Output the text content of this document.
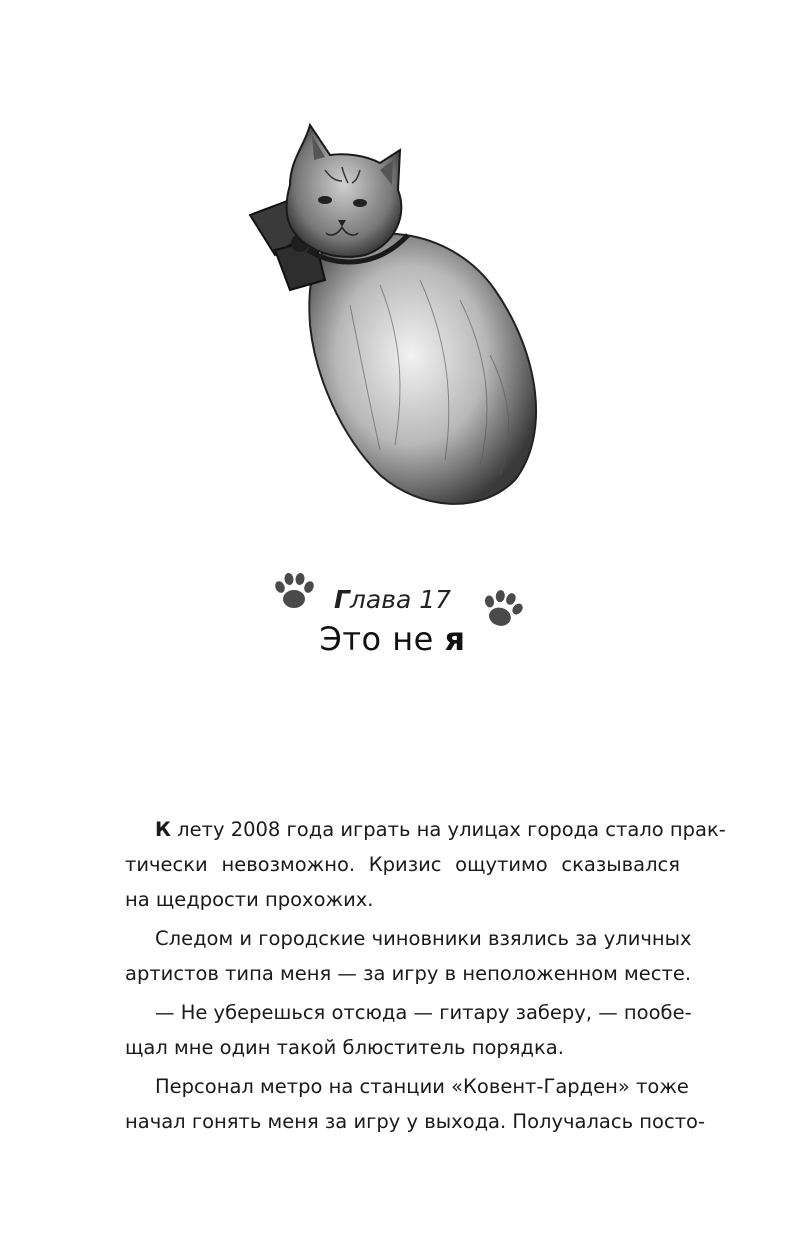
Глава 17
Это не я
К лету 2008 года играть на улицах города стало прак-
тически невозможно. Кризис ощутимо сказывался
на щедрости прохожих.
Следом и городские чиновники взялись за уличных
артистов типа меня — за игру в неположенном месте.
— Не уберешься отсюда — гитару заберу, — пообе-
щал мне один такой блюститель порядка.
Персонал метро на станции «Ковент-Гарден» тоже
начал гонять меня за игру у выхода. Получалась посто-
